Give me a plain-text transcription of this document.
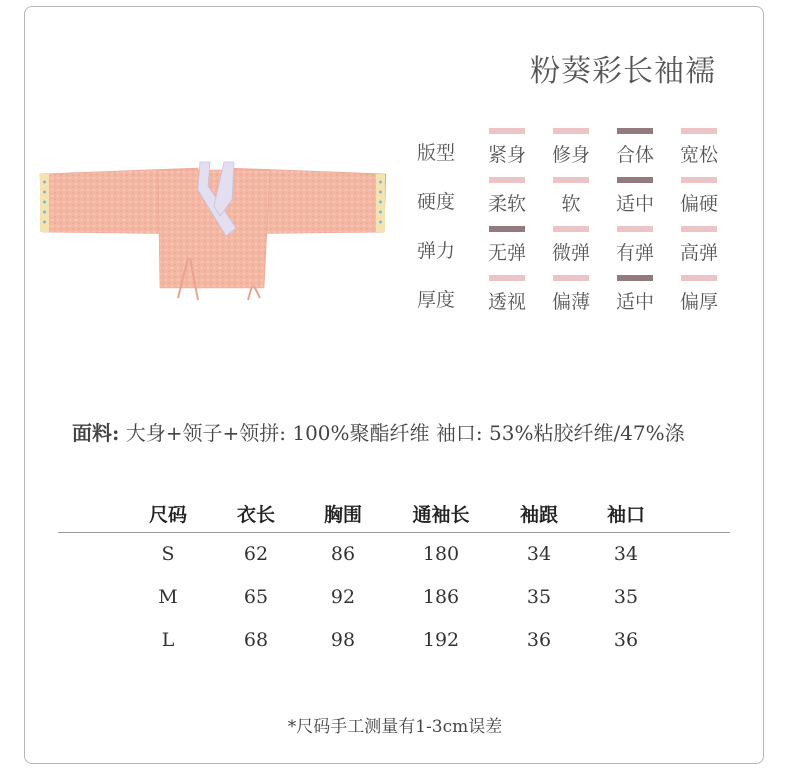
粉葵彩长袖襦
版型	紧身	修身	合体	宽松
硬度	柔软	软	适中	偏硬
弹力	无弹	微弹	有弹	高弹
厚度	透视	偏薄	适中	偏厚
面料: 大身+领子+领拼: 100%聚酯纤维 袖口: 53%粘胶纤维/47%涤
尺码	衣长	胸围	通袖长	袖跟	袖口
S	62	86	180	34	34
M	65	92	186	35	35
L	68	98	192	36	36
*尺码手工测量有1-3cm误差
